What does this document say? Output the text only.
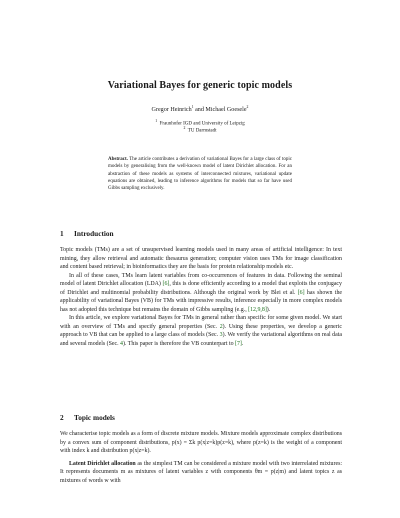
Variational Bayes for generic topic models
Gregor Heinrich$^1$ and Michael Goesele$^2$
$^1$  Fraunhofer IGD and University of Leipzig
$^2$  TU Darmstadt
Abstract. The article contributes a derivation of variational Bayes for a large class of topic models by generalising from the well-known model of latent Dirichlet allocation. For an abstraction of these models as systems of interconnected mixtures, variational update equations are obtained, leading to inference algorithms for models that so far have used Gibbs sampling exclusively.
1 Introduction

Topic models (TMs) are a set of unsupervised learning models used in many areas of artificial intelligence: In text mining, they allow retrieval and automatic thesaurus generation; computer vision uses TMs for image classification and content based retrieval; in bioinformatics they are the basis for protein relationship models etc.

In all of these cases, TMs learn latent variables from co-occurrences of features in data. Following the seminal model of latent Dirichlet allocation (LDA) [6], this is done efficiently according to a model that exploits the conjugacy of Dirichlet and multinomial probability distributions. Although the original work by Blei et al. [6] has shown the applicability of variational Bayes (VB) for TMs with impressive results, inference especially in more complex models has not adopted this technique but remains the domain of Gibbs sampling (e.g., [12,9,8]).

In this article, we explore variational Bayes for TMs in general rather than specific for some given model. We start with an overview of TMs and specify general properties (Sec. 2). Using these properties, we develop a generic approach to VB that can be applied to a large class of models (Sec. 3). We verify the variational algorithms on real data and several models (Sec. 4). This paper is therefore the VB counterpart to [7].

2 Topic models

We characterise topic models as a form of discrete mixture models. Mixture models approximate complex distributions by a convex sum of component distributions, p(x) = Σk p(x|z=k)p(z=k), where p(z=k) is the weight of a component with index k and distribution p(x|z=k).

Latent Dirichlet allocation as the simplest TM can be considered a mixture model with two interrelated mixtures: It represents documents m as mixtures of latent variables z with components θm = p(z|m) and latent topics z as mixtures of words w with
